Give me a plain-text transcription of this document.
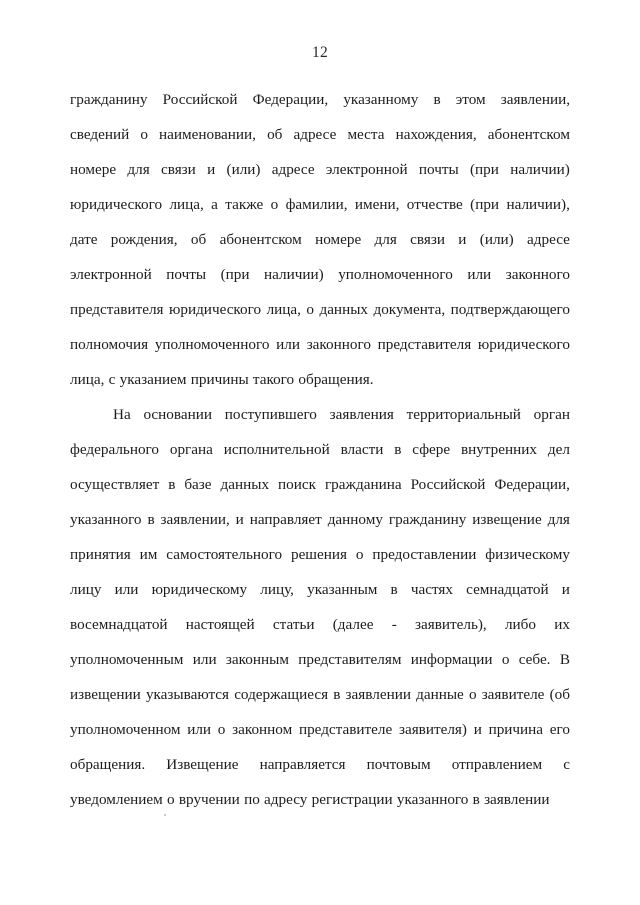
12
гражданину Российской Федерации, указанному в этом заявлении,
сведений о наименовании, об адресе места нахождения, абонентском
номере для связи и (или) адресе электронной почты (при наличии)
юридического лица, а также о фамилии, имени, отчестве (при наличии),
дате рождения, об абонентском номере для связи и (или) адресе
электронной почты (при наличии) уполномоченного или законного
представителя юридического лица, о данных документа, подтверждающего
полномочия уполномоченного или законного представителя юридического
лица, с указанием причины такого обращения.
На основании поступившего заявления территориальный орган
федерального органа исполнительной власти в сфере внутренних дел
осуществляет в базе данных поиск гражданина Российской Федерации,
указанного в заявлении, и направляет данному гражданину извещение для
принятия им самостоятельного решения о предоставлении физическому
лицу или юридическому лицу, указанным в частях семнадцатой и
восемнадцатой настоящей статьи (далее - заявитель), либо их
уполномоченным или законным представителям информации о себе. В
извещении указываются содержащиеся в заявлении данные о заявителе (об
уполномоченном или о законном представителе заявителя) и причина его
обращения. Извещение направляется почтовым отправлением с
уведомлением о вручении по адресу регистрации указанного в заявлении
